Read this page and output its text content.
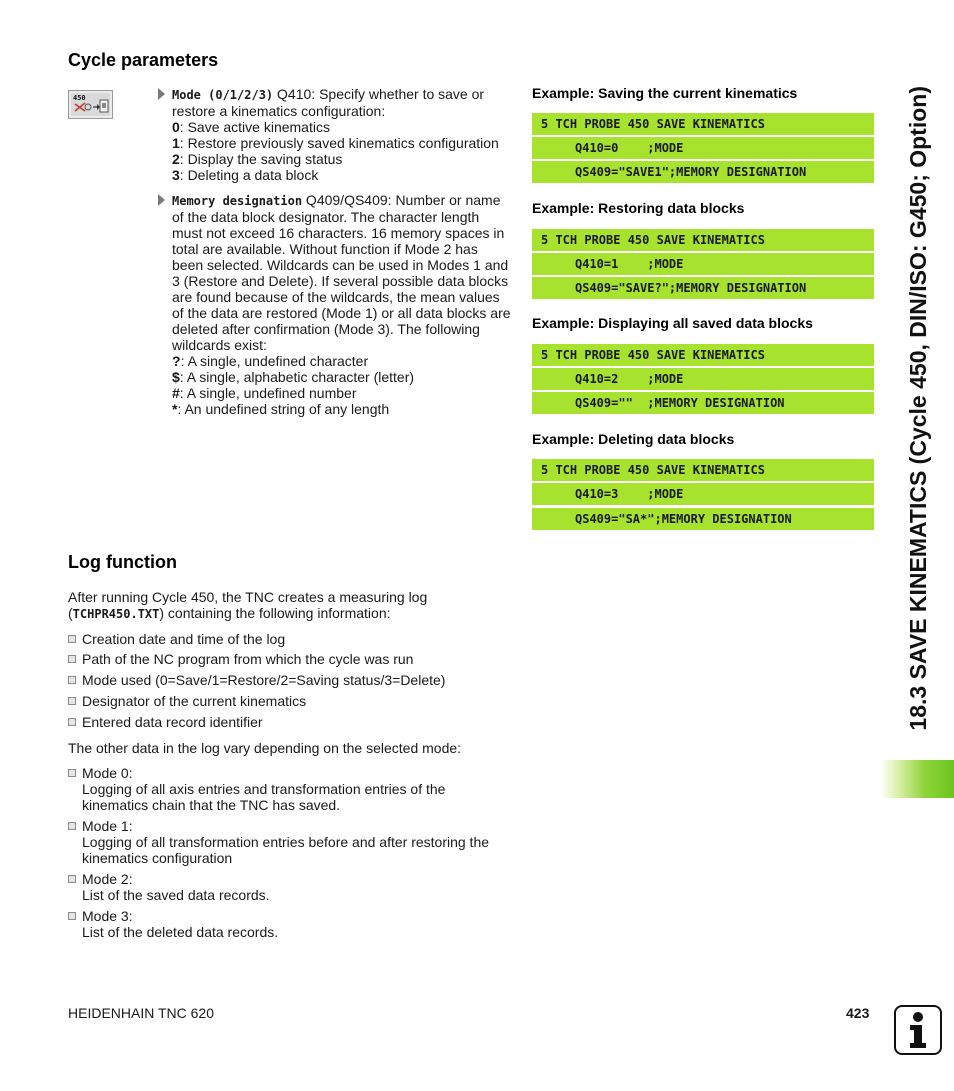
18.3 SAVE KINEMATICS (Cycle 450, DIN/ISO: G450; Option)
Cycle parameters
450	Mode (0/1/2/3) Q410: Specify whether to save or
restore a kinematics configuration:
0: Save active kinematics
1: Restore previously saved kinematics configuration
2: Display the saving status
3: Deleting a data block
Memory designation Q409/QS409: Number or name
of the data block designator. The character length
must not exceed 16 characters. 16 memory spaces in
total are available. Without function if Mode 2 has
been selected. Wildcards can be used in Modes 1 and
3 (Restore and Delete). If several possible data blocks
are found because of the wildcards, the mean values
of the data are restored (Mode 1) or all data blocks are
deleted after confirmation (Mode 3). The following
wildcards exist:
?: A single, undefined character
$: A single, alphabetic character (letter)
#: A single, undefined number
*: An undefined string of any length
Example: Saving the current kinematics
5 TCH PROBE 450 SAVE KINEMATICS
Q410=0    ;MODE
QS409="SAVE1";MEMORY DESIGNATION
Example: Restoring data blocks
5 TCH PROBE 450 SAVE KINEMATICS
Q410=1    ;MODE
QS409="SAVE?";MEMORY DESIGNATION
Example: Displaying all saved data blocks
5 TCH PROBE 450 SAVE KINEMATICS
Q410=2    ;MODE
QS409=""  ;MEMORY DESIGNATION
Example: Deleting data blocks
5 TCH PROBE 450 SAVE KINEMATICS
Q410=3    ;MODE
QS409="SA*";MEMORY DESIGNATION
Log function
After running Cycle 450, the TNC creates a measuring log
(TCHPR450.TXT) containing the following information:
Creation date and time of the log
Path of the NC program from which the cycle was run
Mode used (0=Save/1=Restore/2=Saving status/3=Delete)
Designator of the current kinematics
Entered data record identifier
The other data in the log vary depending on the selected mode:
Mode 0:
Logging of all axis entries and transformation entries of the
kinematics chain that the TNC has saved.
Mode 1:
Logging of all transformation entries before and after restoring the
kinematics configuration
Mode 2:
List of the saved data records.
Mode 3:
List of the deleted data records.
HEIDENHAIN TNC 620	423
